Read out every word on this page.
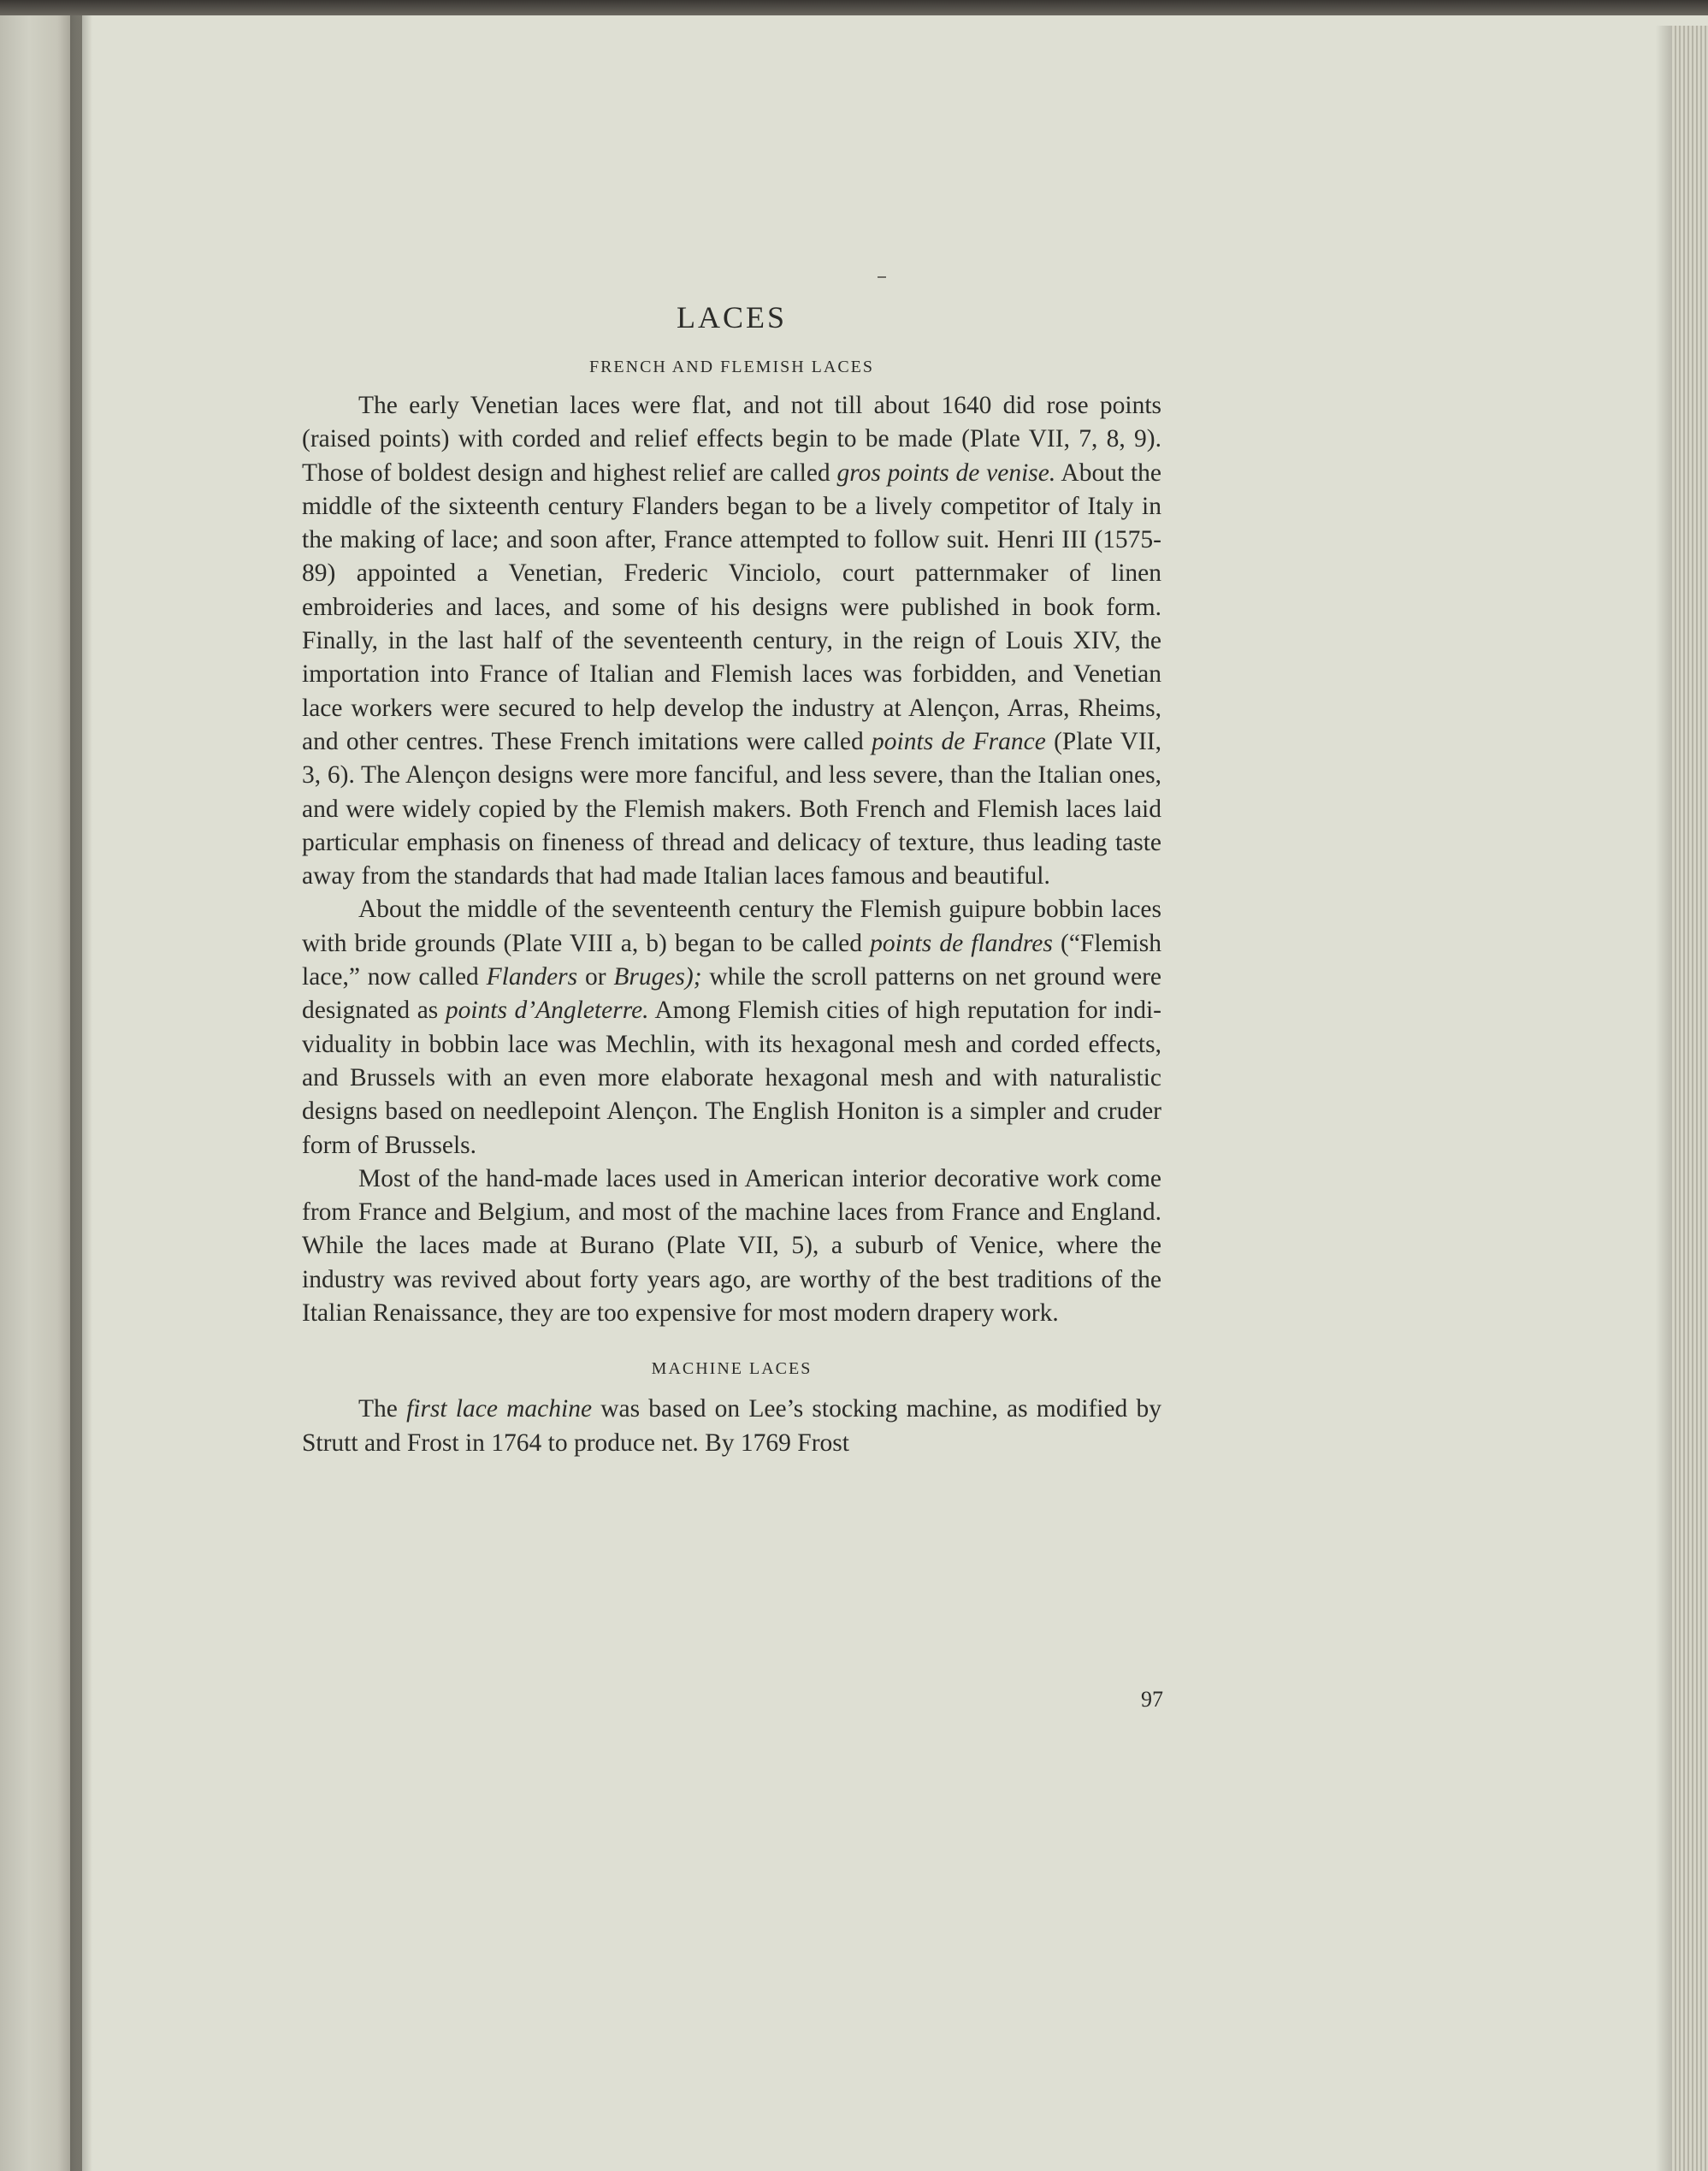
LACES
FRENCH AND FLEMISH LACES

The early Venetian laces were flat, and not till about 1640 did rose points (raised points) with corded and relief effects begin to be made (Plate VII, 7, 8, 9). Those of boldest design and highest relief are called gros points de venise. About the middle of the sixteenth century Flanders began to be a lively competitor of Italy in the making of lace; and soon after, France attempted to follow suit. Henri III (1575-89) appointed a Venetian, Frederic Vinciolo, court patternmaker of linen embroideries and laces, and some of his designs were published in book form. Finally, in the last half of the seventeenth century, in the reign of Louis XIV, the importation into France of Italian and Flemish laces was forbidden, and Venetian lace workers were secured to help develop the industry at Alençon, Arras, Rheims, and other centres. These French imitations were called points de France (Plate VII, 3, 6). The Alençon designs were more fanciful, and less severe, than the Italian ones, and were widely copied by the Flemish makers. Both French and Flemish laces laid particular emphasis on fineness of thread and delicacy of texture, thus leading taste away from the standards that had made Italian laces famous and beautiful.

About the middle of the seventeenth century the Flemish guipure bobbin laces with bride grounds (Plate VIII a, b) began to be called points de flandres (“Flemish lace,” now called Flanders or Bruges); while the scroll patterns on net ground were designated as points d’Angleterre. Among Flemish cities of high reputation for individuality in bobbin lace was Mechlin, with its hexagonal mesh and corded effects, and Brussels with an even more elaborate hexagonal mesh and with naturalistic designs based on needlepoint Alençon. The English Honiton is a simpler and cruder form of Brussels.

Most of the hand-made laces used in American interior decorative work come from France and Belgium, and most of the machine laces from France and England. While the laces made at Burano (Plate VII, 5), a suburb of Venice, where the industry was revived about forty years ago, are worthy of the best traditions of the Italian Renaissance, they are too expensive for most modern drapery work.

MACHINE LACES

The first lace machine was based on Lee’s stocking machine, as modified by Strutt and Frost in 1764 to produce net. By 1769 Frost

97
